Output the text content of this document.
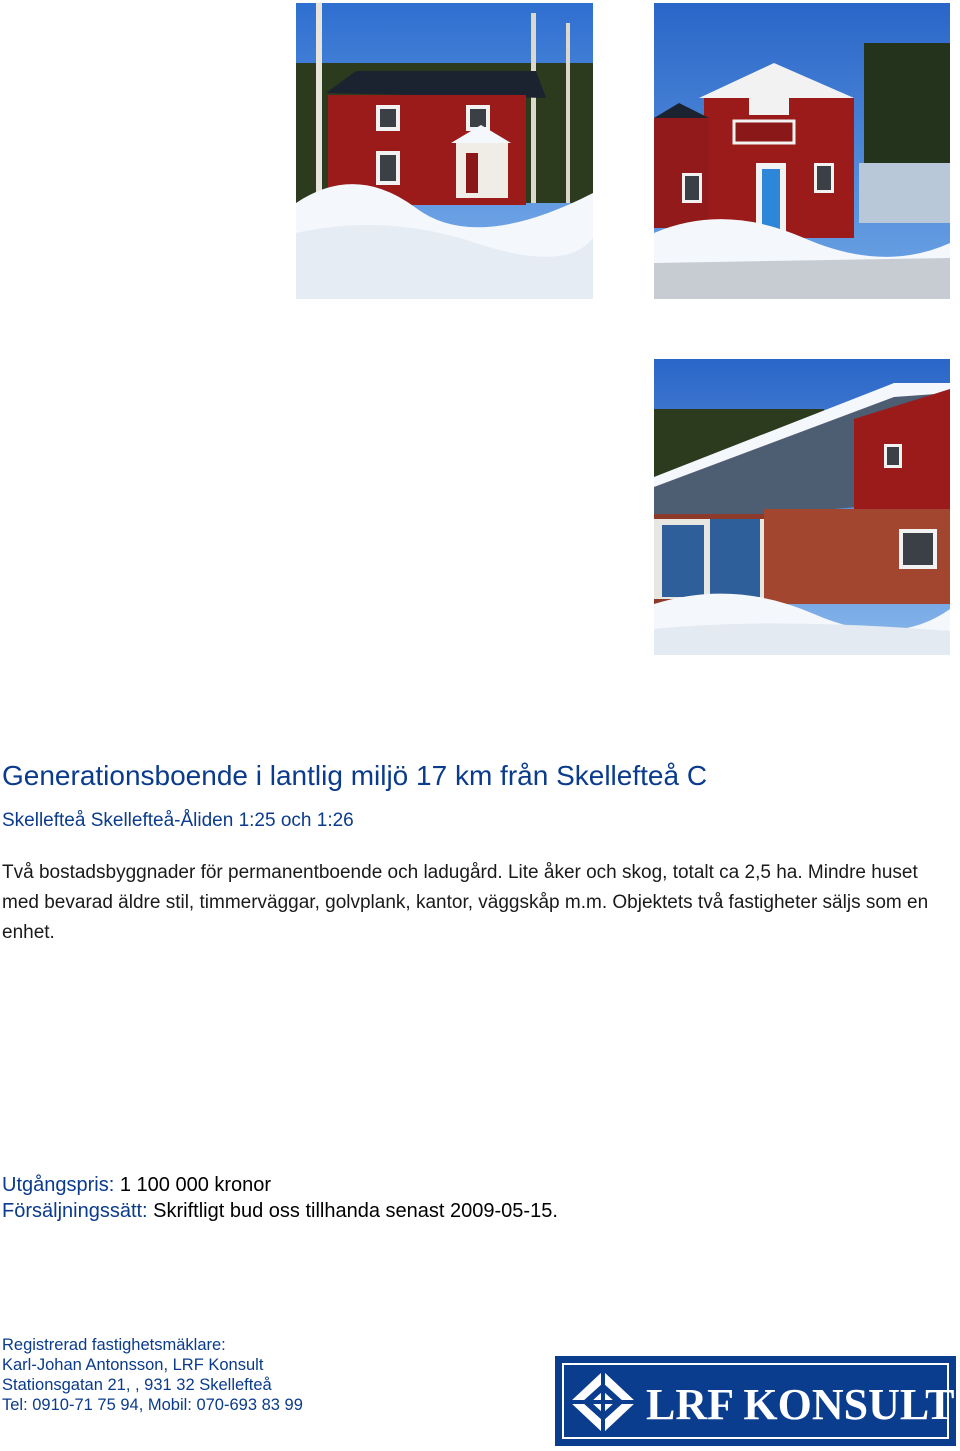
Generationsboende i lantlig miljö 17 km från Skellefteå C
Skellefteå Skellefteå-Åliden 1:25 och 1:26

Två bostadsbyggnader för permanentboende och ladugård. Lite åker och skog, totalt ca 2,5 ha. Mindre huset med bevarad äldre stil, timmerväggar, golvplank, kantor, väggskåp m.m. Objektets två fastigheter säljs som en enhet.

Utgångspris: 1 100 000 kronor
Försäljningssätt: Skriftligt bud oss tillhanda senast 2009-05-15.
Registrerad fastighetsmäklare:
Karl-Johan Antonsson, LRF Konsult
Stationsgatan 21, , 931 32 Skellefteå
Tel: 0910-71 75 94, Mobil: 070-693 83 99	LRF KONSULT
